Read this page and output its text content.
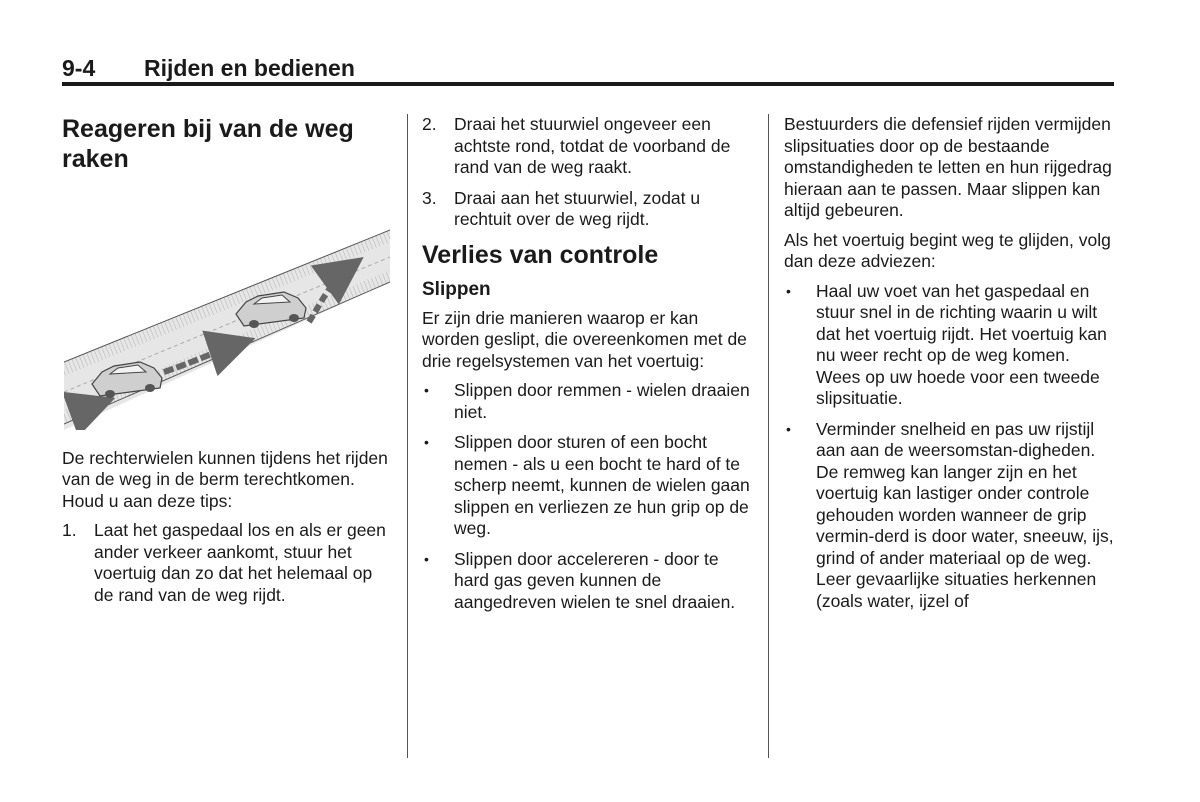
9-4 Rijden en bedienen
Reageren bij van de weg raken

De rechterwielen kunnen tijdens het rijden van de weg in de berm terechtkomen. Houd u aan deze tips:

1. Laat het gaspedaal los en als er geen ander verkeer aankomt, stuur het voertuig dan zo dat het helemaal op de rand van de weg rijdt.
2. Draai het stuurwiel ongeveer een achtste rond, totdat de voorband de rand van de weg raakt.
3. Draai aan het stuurwiel, zodat u rechtuit over de weg rijdt.
Verlies van controle
Slippen

Er zijn drie manieren waarop er kan worden geslipt, die overeenkomen met de drie regelsystemen van het voertuig:

•	Slippen door remmen - wielen draaien niet.
•	Slippen door sturen of een bocht nemen - als u een bocht te hard of te scherp neemt, kunnen de wielen gaan slippen en verliezen ze hun grip op de weg.
•	Slippen door accelereren - door te hard gas geven kunnen de aangedreven wielen te snel draaien.

Bestuurders die defensief rijden vermijden slipsituaties door op de bestaande omstandigheden te letten en hun rijgedrag hieraan aan te passen. Maar slippen kan altijd gebeuren.

Als het voertuig begint weg te glijden, volg dan deze adviezen:

•	Haal uw voet van het gaspedaal en stuur snel in de richting waarin u wilt dat het voertuig rijdt. Het voertuig kan nu weer recht op de weg komen. Wees op uw hoede voor een tweede slipsituatie.
•	Verminder snelheid en pas uw rijstijl aan aan de weersomstan-digheden. De remweg kan langer zijn en het voertuig kan lastiger onder controle gehouden worden wanneer de grip vermin-derd is door water, sneeuw, ijs, grind of ander materiaal op de weg. Leer gevaarlijke situaties herkennen (zoals water, ijzel of
